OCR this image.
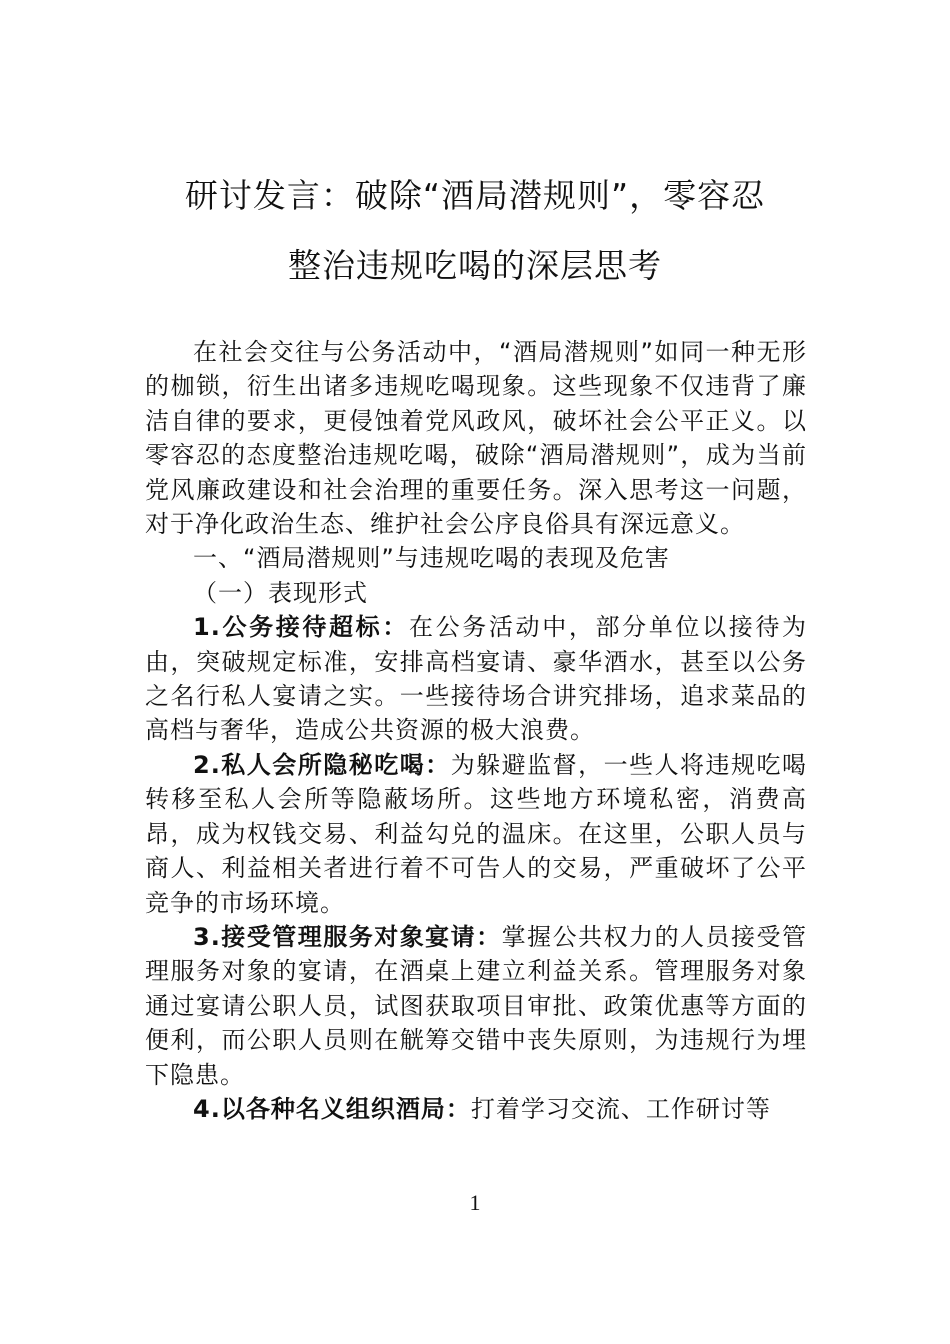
研讨发言：破除“酒局潜规则”，零容忍
整治违规吃喝的深层思考

在社会交往与公务活动中，“酒局潜规则”如同一种无形的枷锁，衍生出诸多违规吃喝现象。这些现象不仅违背了廉洁自律的要求，更侵蚀着党风政风，破坏社会公平正义。以零容忍的态度整治违规吃喝，破除“酒局潜规则”，成为当前党风廉政建设和社会治理的重要任务。深入思考这一问题，对于净化政治生态、维护社会公序良俗具有深远意义。

一、“酒局潜规则”与违规吃喝的表现及危害

（一）表现形式

1.公务接待超标：在公务活动中，部分单位以接待为由，突破规定标准，安排高档宴请、豪华酒水，甚至以公务之名行私人宴请之实。一些接待场合讲究排场，追求菜品的高档与奢华，造成公共资源的极大浪费。

2.私人会所隐秘吃喝：为躲避监督，一些人将违规吃喝转移至私人会所等隐蔽场所。这些地方环境私密，消费高昂，成为权钱交易、利益勾兑的温床。在这里，公职人员与商人、利益相关者进行着不可告人的交易，严重破坏了公平竞争的市场环境。

3.接受管理服务对象宴请：掌握公共权力的人员接受管理服务对象的宴请，在酒桌上建立利益关系。管理服务对象通过宴请公职人员，试图获取项目审批、政策优惠等方面的便利，而公职人员则在觥筹交错中丧失原则，为违规行为埋下隐患。

4.以各种名义组织酒局：打着学习交流、工作研讨等

1
